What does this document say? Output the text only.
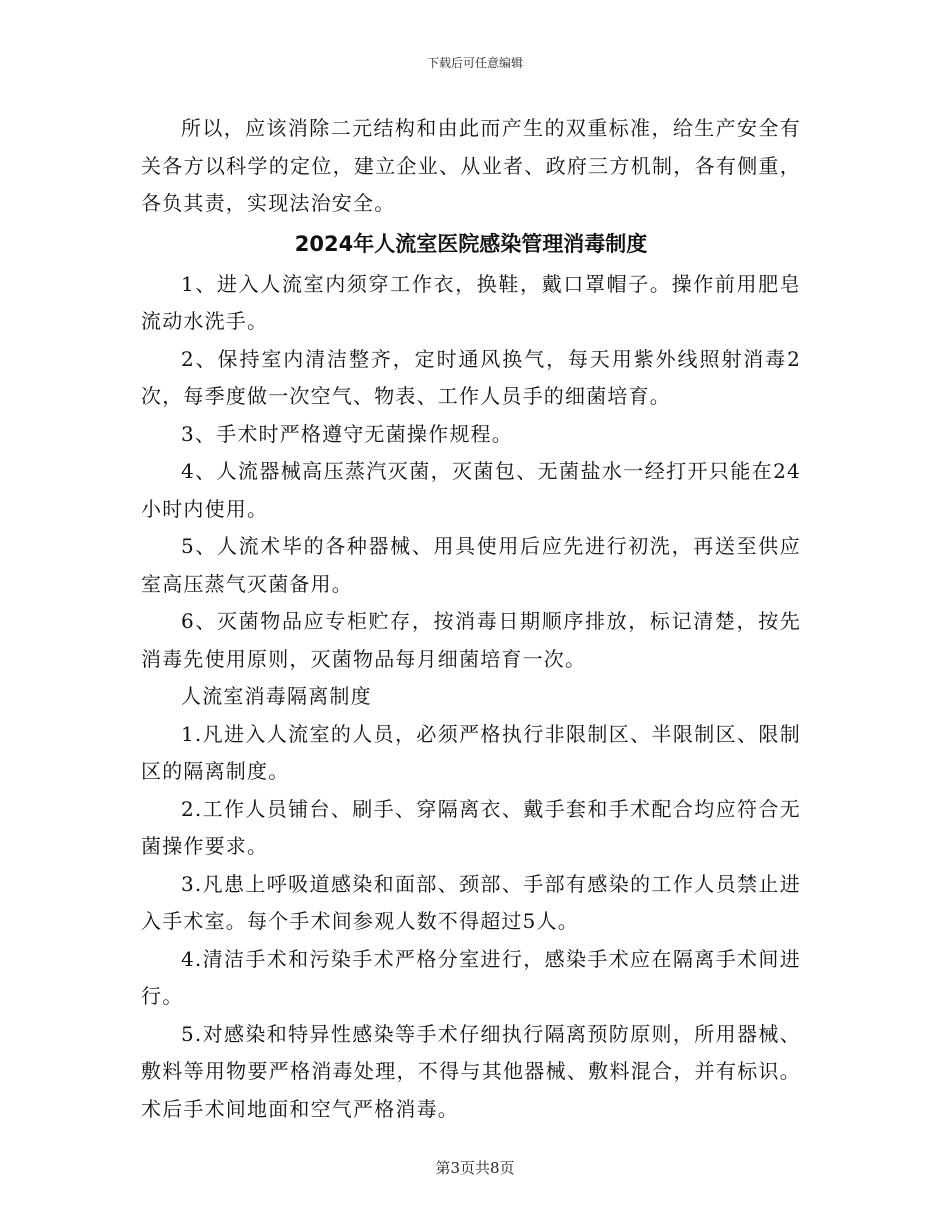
下载后可任意编辑

所以，应该消除二元结构和由此而产生的双重标准，给生产安全有关各方以科学的定位，建立企业、从业者、政府三方机制，各有侧重，各负其责，实现法治安全。

2024年人流室医院感染管理消毒制度

1、进入人流室内须穿工作衣，换鞋，戴口罩帽子。操作前用肥皂流动水洗手。

2、保持室内清洁整齐，定时通风换气，每天用紫外线照射消毒2次，每季度做一次空气、物表、工作人员手的细菌培育。

3、手术时严格遵守无菌操作规程。

4、人流器械高压蒸汽灭菌，灭菌包、无菌盐水一经打开只能在24小时内使用。

5、人流术毕的各种器械、用具使用后应先进行初洗，再送至供应室高压蒸气灭菌备用。

6、灭菌物品应专柜贮存，按消毒日期顺序排放，标记清楚，按先消毒先使用原则，灭菌物品每月细菌培育一次。

人流室消毒隔离制度

1.凡进入人流室的人员，必须严格执行非限制区、半限制区、限制区的隔离制度。

2.工作人员铺台、刷手、穿隔离衣、戴手套和手术配合均应符合无菌操作要求。

3.凡患上呼吸道感染和面部、颈部、手部有感染的工作人员禁止进入手术室。每个手术间参观人数不得超过5人。

4.清洁手术和污染手术严格分室进行，感染手术应在隔离手术间进行。

5.对感染和特异性感染等手术仔细执行隔离预防原则，所用器械、敷料等用物要严格消毒处理，不得与其他器械、敷料混合，并有标识。术后手术间地面和空气严格消毒。

第3页共8页
